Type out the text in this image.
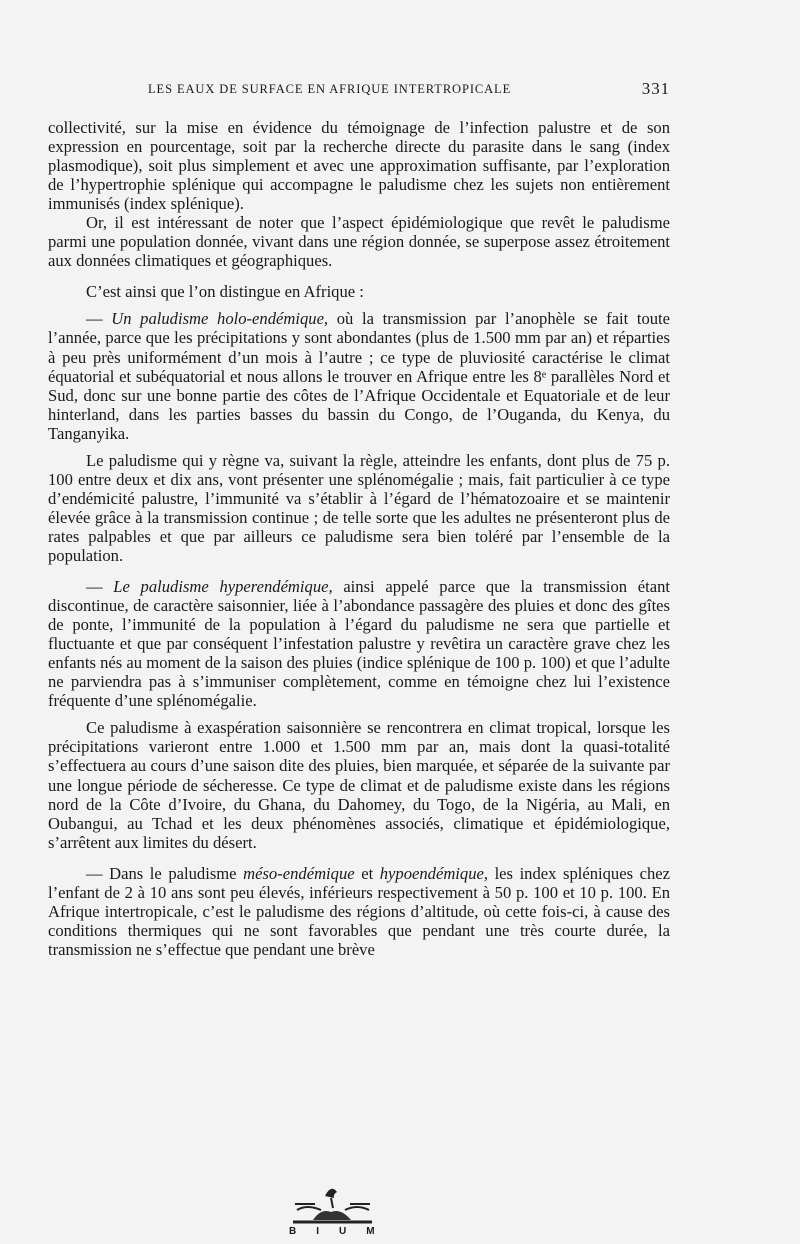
LES EAUX DE SURFACE EN AFRIQUE INTERTROPICALE	331

collectivité, sur la mise en évidence du témoignage de l’infection palustre et de son expression en pourcentage, soit par la recherche directe du parasite dans le sang (index plasmodique), soit plus simplement et avec une approximation suffisante, par l’exploration de l’hypertrophie splénique qui accompagne le paludisme chez les sujets non entièrement immunisés (index splénique).

Or, il est intéressant de noter que l’aspect épidémiologique que revêt le paludisme parmi une population donnée, vivant dans une région donnée, se superpose assez étroitement aux données climatiques et géographiques.

C’est ainsi que l’on distingue en Afrique :

— Un paludisme holo-endémique, où la transmission par l’anophèle se fait toute l’année, parce que les précipitations y sont abondantes (plus de 1.500 mm par an) et réparties à peu près uniformément d’un mois à l’autre ; ce type de pluviosité caractérise le climat équatorial et subéquatorial et nous allons le trouver en Afrique entre les 8ᵉ parallèles Nord et Sud, donc sur une bonne partie des côtes de l’Afrique Occidentale et Equatoriale et de leur hinterland, dans les parties basses du bassin du Congo, de l’Ouganda, du Kenya, du Tanganyika.

Le paludisme qui y règne va, suivant la règle, atteindre les enfants, dont plus de 75 p. 100 entre deux et dix ans, vont présenter une splénomégalie ; mais, fait particulier à ce type d’endémicité palustre, l’immunité va s’établir à l’égard de l’hématozoaire et se maintenir élevée grâce à la transmission continue ; de telle sorte que les adultes ne présenteront plus de rates palpables et que par ailleurs ce paludisme sera bien toléré par l’ensemble de la population.

— Le paludisme hyperendémique, ainsi appelé parce que la transmission étant discontinue, de caractère saisonnier, liée à l’abondance passagère des pluies et donc des gîtes de ponte, l’immunité de la population à l’égard du paludisme ne sera que partielle et fluctuante et que par conséquent l’infestation palustre y revêtira un caractère grave chez les enfants nés au moment de la saison des pluies (indice splénique de 100 p. 100) et que l’adulte ne parviendra pas à s’immuniser complètement, comme en témoigne chez lui l’existence fréquente d’une splénomégalie.

Ce paludisme à exaspération saisonnière se rencontrera en climat tropical, lorsque les précipitations varieront entre 1.000 et 1.500 mm par an, mais dont la quasi-totalité s’effectuera au cours d’une saison dite des pluies, bien marquée, et séparée de la suivante par une longue période de sécheresse. Ce type de climat et de paludisme existe dans les régions nord de la Côte d’Ivoire, du Ghana, du Dahomey, du Togo, de la Nigéria, au Mali, en Oubangui, au Tchad et les deux phénomènes associés, climatique et épidémiologique, s’arrêtent aux limites du désert.

— Dans le paludisme méso-endémique et hypoendémique, les index spléniques chez l’enfant de 2 à 10 ans sont peu élevés, inférieurs respectivement à 50 p. 100 et 10 p. 100. En Afrique intertropicale, c’est le paludisme des régions d’altitude, où cette fois-ci, à cause des conditions thermiques qui ne sont favorables que pendant une très courte durée, la transmission ne s’effectue que pendant une brève

BIUM
